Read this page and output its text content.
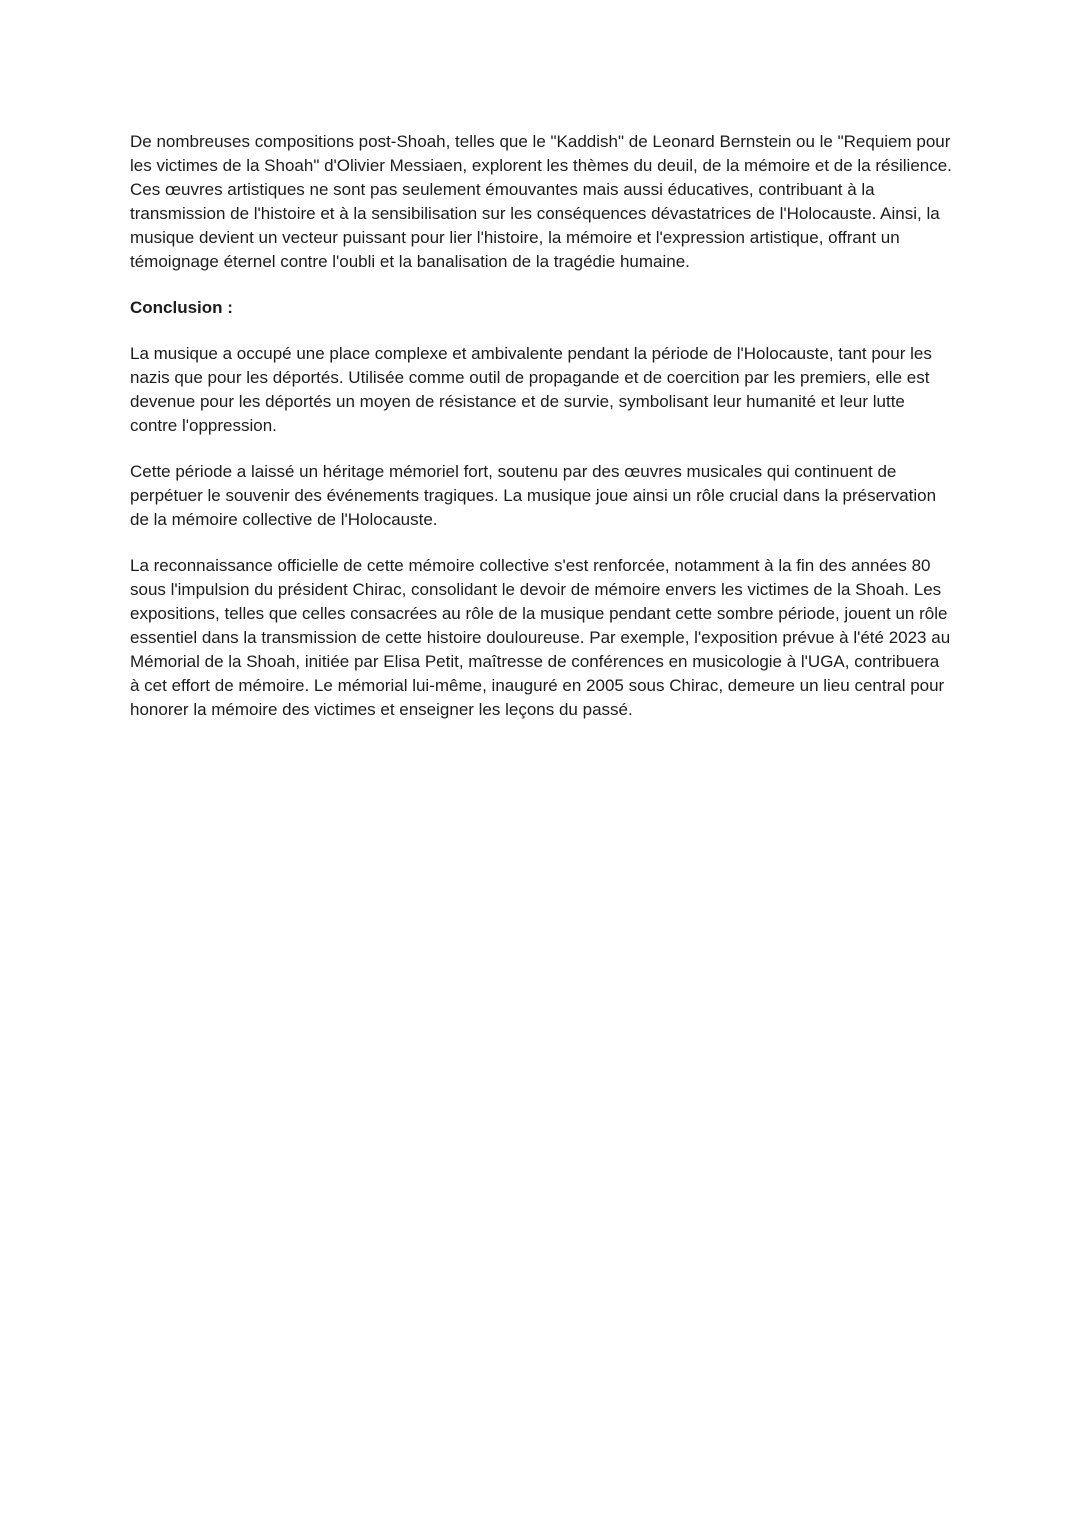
De nombreuses compositions post-Shoah, telles que le "Kaddish" de Leonard Bernstein ou le "Requiem pour les victimes de la Shoah" d'Olivier Messiaen, explorent les thèmes du deuil, de la mémoire et de la résilience. Ces œuvres artistiques ne sont pas seulement émouvantes mais aussi éducatives, contribuant à la transmission de l'histoire et à la sensibilisation sur les conséquences dévastatrices de l'Holocauste. Ainsi, la musique devient un vecteur puissant pour lier l'histoire, la mémoire et l'expression artistique, offrant un témoignage éternel contre l'oubli et la banalisation de la tragédie humaine.

Conclusion :

La musique a occupé une place complexe et ambivalente pendant la période de l'Holocauste, tant pour les nazis que pour les déportés. Utilisée comme outil de propagande et de coercition par les premiers, elle est devenue pour les déportés un moyen de résistance et de survie, symbolisant leur humanité et leur lutte contre l'oppression.

Cette période a laissé un héritage mémoriel fort, soutenu par des œuvres musicales qui continuent de perpétuer le souvenir des événements tragiques. La musique joue ainsi un rôle crucial dans la préservation de la mémoire collective de l'Holocauste.

La reconnaissance officielle de cette mémoire collective s'est renforcée, notamment à la fin des années 80 sous l'impulsion du président Chirac, consolidant le devoir de mémoire envers les victimes de la Shoah. Les expositions, telles que celles consacrées au rôle de la musique pendant cette sombre période, jouent un rôle essentiel dans la transmission de cette histoire douloureuse. Par exemple, l'exposition prévue à l'été 2023 au Mémorial de la Shoah, initiée par Elisa Petit, maîtresse de conférences en musicologie à l'UGA, contribuera à cet effort de mémoire. Le mémorial lui-même, inauguré en 2005 sous Chirac, demeure un lieu central pour honorer la mémoire des victimes et enseigner les leçons du passé.
